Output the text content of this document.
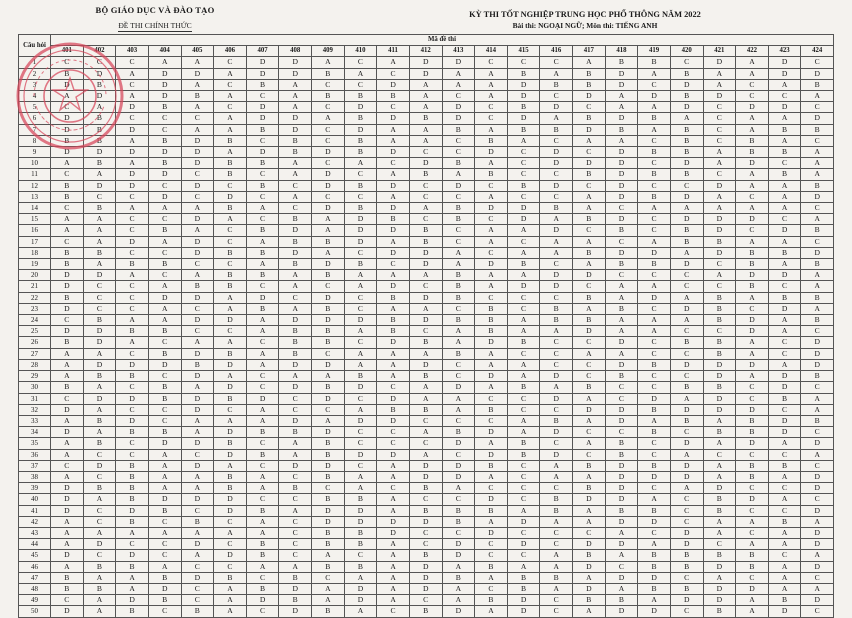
BỘ GIÁO DỤC VÀ ĐÀO TẠO
ĐỀ THI CHÍNH THỨC
KỲ THI TỐT NGHIỆP TRUNG HỌC PHỔ THÔNG NĂM 2022
Bài thi: NGOẠI NGỮ; Môn thi: TIẾNG ANH
Câu hỏi	Mã đề thi																							
	401	402	403	404	405	406	407	408	409	410	411	412	413	414	415	416	417	418	419	420	421	422	423	424
1	C	C	C	A	A	C	D	D	A	C	A	D	D	C	C	C	A	B	B	C	D	A	D	C
2	B	D	A	D	D	A	D	D	B	A	C	D	A	A	B	A	B	D	A	B	A	A	D	D
3	D	B	C	D	A	C	B	A	C	C	D	A	A	A	D	B	B	D	C	D	A	C	A	B
4	A	D	A	D	B	A	C	A	B	B	B	A	C	A	D	C	D	A	D	B	D	C	C	A
5	C	A	D	B	A	C	D	A	C	D	C	A	D	C	B	D	C	A	A	D	C	D	D	C
6	D	B	C	C	C	A	D	D	A	B	D	B	D	C	D	A	B	D	B	A	C	A	A	D
7	D	B	D	C	A	A	B	D	C	D	A	A	B	A	B	B	D	B	A	B	C	A	B	B
8	B	B	A	B	D	B	C	B	C	B	A	A	C	B	A	C	A	A	C	B	C	B	A	C
9	D	D	D	D	D	A	D	B	D	B	D	C	C	D	C	D	C	D	B	B	A	B	B	A
10	A	B	A	B	D	B	B	A	C	A	C	D	B	A	C	D	D	D	C	D	A	D	C	A
11	C	A	D	D	C	B	C	A	D	C	A	B	A	B	C	C	B	D	B	B	C	A	B	A
12	B	D	D	C	D	C	B	C	D	B	D	C	D	C	B	D	C	D	C	C	D	A	A	B
13	B	C	C	D	C	D	C	A	C	C	A	C	C	A	C	C	A	D	B	D	A	C	A	D
14	C	B	A	A	A	B	A	C	D	B	D	A	B	D	D	B	A	C	A	A	A	A	A	C
15	A	A	C	C	D	A	C	B	A	D	B	C	B	C	D	A	B	D	C	D	D	D	C	A
16	A	A	C	B	A	C	B	D	A	D	D	B	C	A	A	D	C	B	C	B	D	C	D	B
17	C	A	D	A	D	C	A	B	B	D	A	B	C	A	C	A	A	C	A	B	B	A	A	C
18	B	B	C	C	D	B	B	D	A	C	D	D	A	C	A	A	B	D	D	A	D	B	B	D
19	B	A	B	B	C	C	A	B	D	B	C	D	A	D	B	C	A	B	B	D	C	B	A	B
20	D	D	A	C	A	B	B	A	B	A	A	A	B	A	A	D	D	C	C	C	A	D	D	A
21	D	C	C	A	B	B	C	A	C	A	D	C	B	A	D	D	C	A	A	C	C	B	C	A
22	B	C	C	D	D	A	D	C	D	C	B	D	B	C	C	C	B	A	D	A	B	A	B	B
23	D	C	C	A	C	A	B	A	B	C	A	A	C	B	C	B	A	B	C	D	B	C	D	A
24	C	B	A	A	D	D	A	D	D	D	B	D	B	B	A	B	B	A	A	A	B	D	A	B
25	D	D	B	B	C	C	A	B	B	A	B	C	A	B	A	A	D	A	A	C	C	D	A	C
26	B	D	A	C	A	A	C	B	B	C	D	B	A	D	B	C	C	D	C	B	B	A	C	D
27	A	A	C	B	D	B	A	B	C	A	A	A	B	A	C	C	A	A	C	C	B	A	C	D
28	A	D	D	D	B	D	A	D	D	A	A	D	C	A	A	C	C	D	B	D	D	D	A	D
29	A	B	B	C	D	A	C	A	A	B	A	B	C	D	A	D	C	B	C	C	D	A	D	B
30	B	A	C	B	A	D	C	D	B	D	C	A	D	A	B	A	B	C	C	B	B	C	D	C
31	C	D	D	B	D	B	D	C	D	C	D	A	A	C	C	D	A	C	D	A	D	C	B	A
32	D	A	C	C	D	C	A	C	C	A	B	B	A	B	C	C	D	D	B	D	D	D	C	A
33	A	B	D	C	A	A	A	D	A	D	D	C	C	C	A	B	A	D	A	B	A	B	D	B
34	D	A	B	B	A	D	B	B	D	C	C	A	B	D	A	D	C	C	B	C	B	B	D	C
35	A	B	C	D	D	B	C	A	B	C	C	C	D	A	B	C	A	B	C	D	A	D	A	D
36	A	C	C	A	C	D	B	A	B	D	D	A	C	D	B	D	C	B	C	A	C	C	C	A
37	C	D	B	A	D	A	C	D	D	C	A	D	D	B	C	A	B	D	B	D	A	B	B	C
38	A	C	B	A	A	B	A	C	B	A	A	D	D	A	C	A	A	D	D	D	A	B	A	D
39	D	B	B	A	A	B	A	B	C	A	C	B	A	C	C	C	B	D	C	A	D	C	C	D
40	D	A	B	D	D	D	C	C	B	B	A	C	C	D	C	B	D	D	A	C	B	D	A	C
41	D	C	D	B	C	D	B	A	D	D	A	B	B	B	A	B	A	B	B	C	B	C	C	D
42	A	C	B	C	B	C	A	C	D	D	D	D	B	A	D	A	A	D	D	C	A	A	B	A
43	A	A	A	A	A	A	A	C	B	B	D	C	C	D	C	C	C	A	C	D	A	C	A	D
44	A	D	C	C	D	C	B	C	B	B	A	C	D	C	D	C	D	D	A	D	C	A	A	D
45	D	C	D	C	A	D	B	C	A	C	A	B	D	C	C	A	B	A	B	B	B	B	C	A
46	A	B	B	A	C	C	A	A	B	B	A	D	A	B	A	A	D	C	B	B	D	B	A	D
47	B	A	A	B	D	B	C	B	C	A	A	D	B	A	B	B	A	D	D	C	A	C	A	C
48	B	B	A	D	C	A	B	D	A	D	A	D	A	C	B	A	D	A	B	B	D	D	A	A
49	C	A	D	B	C	A	D	B	A	D	A	C	A	B	D	C	B	B	A	D	D	A	B	D
50	D	A	B	C	B	A	C	D	B	A	C	B	D	A	D	C	A	D	D	C	B	A	D	C
